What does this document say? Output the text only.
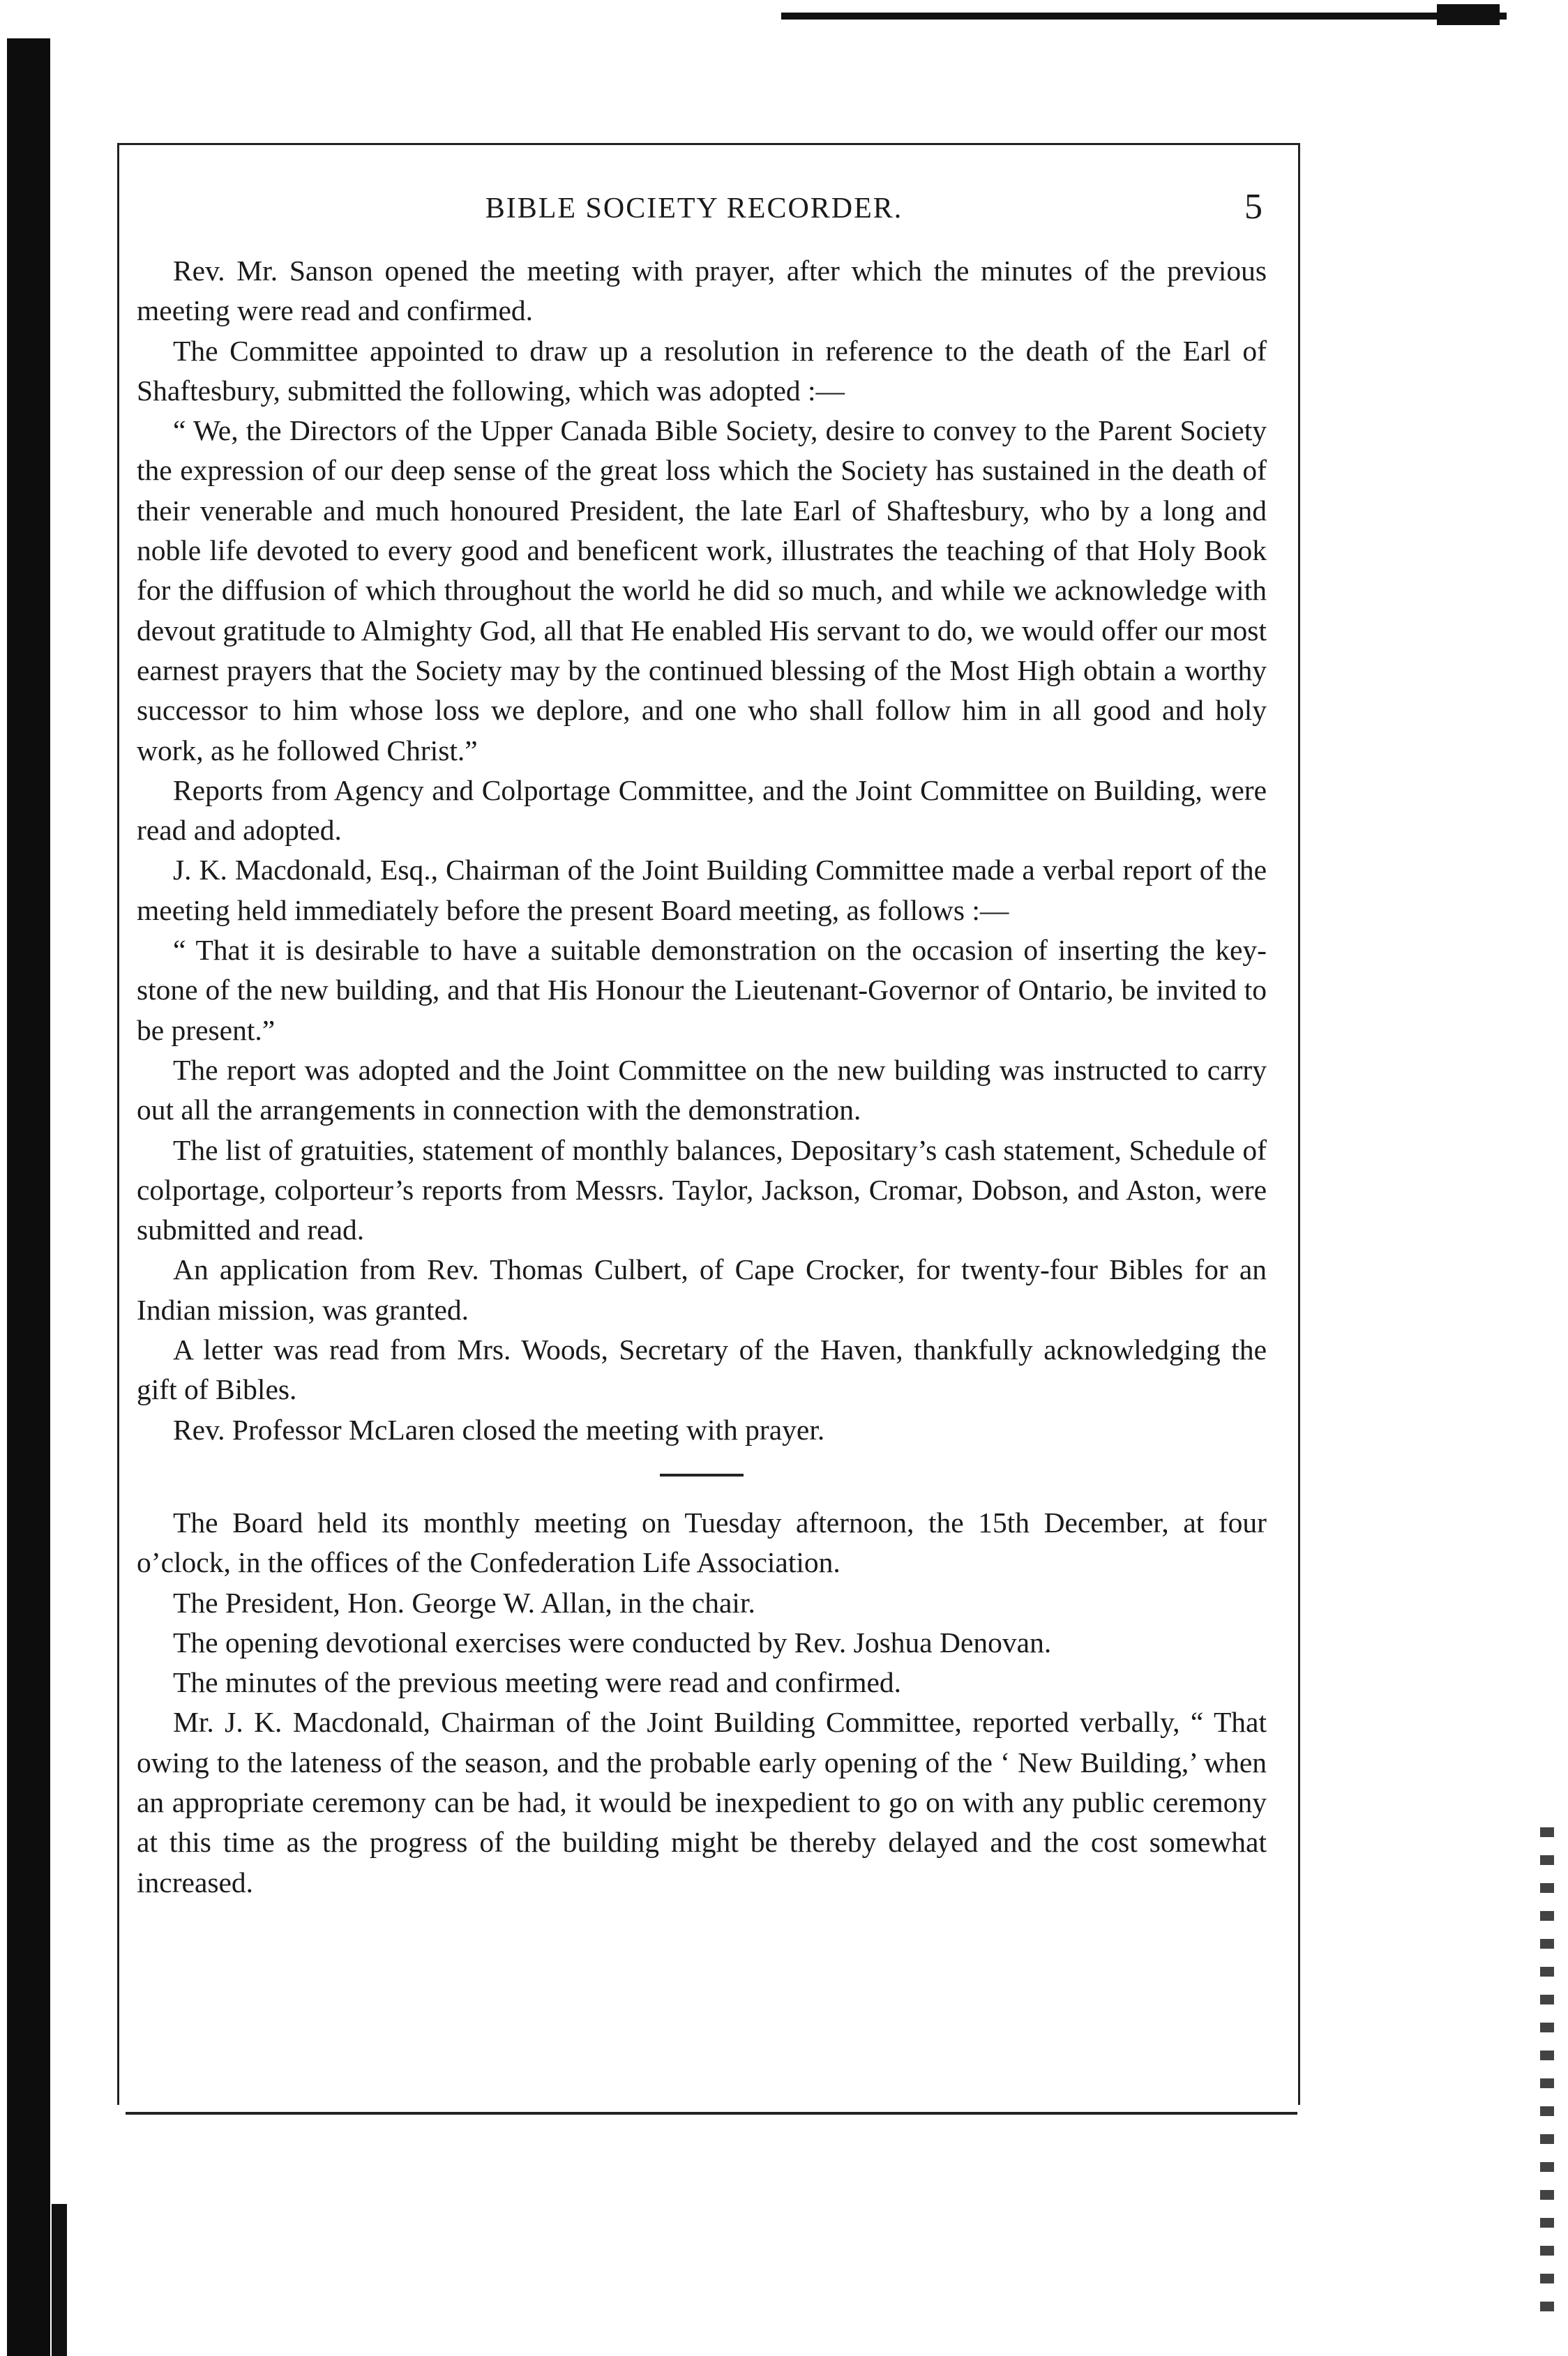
BIBLE SOCIETY RECORDER.	5

Rev. Mr. Sanson opened the meeting with prayer, after which the minutes of the previous meeting were read and confirmed.

The Committee appointed to draw up a resolution in reference to the death of the Earl of Shaftesbury, submitted the following, which was adopted :—

“ We, the Directors of the Upper Canada Bible Society, desire to convey to the Parent Society the expression of our deep sense of the great loss which the Society has sustained in the death of their venerable and much honoured President, the late Earl of Shaftesbury, who by a long and noble life devoted to every good and beneficent work, illustrates the teaching of that Holy Book for the diffusion of which throughout the world he did so much, and while we acknowledge with devout gratitude to Almighty God, all that He enabled His servant to do, we would offer our most earnest prayers that the Society may by the continued blessing of the Most High obtain a worthy successor to him whose loss we deplore, and one who shall follow him in all good and holy work, as he followed Christ.”

Reports from Agency and Colportage Committee, and the Joint Committee on Building, were read and adopted.

J. K. Macdonald, Esq., Chairman of the Joint Building Committee made a verbal report of the meeting held immediately before the present Board meeting, as follows :—

“ That it is desirable to have a suitable demonstration on the occasion of inserting the key-stone of the new building, and that His Honour the Lieutenant-Governor of Ontario, be invited to be present.”

The report was adopted and the Joint Committee on the new building was instructed to carry out all the arrangements in connection with the demonstration.

The list of gratuities, statement of monthly balances, Depositary’s cash statement, Schedule of colportage, colporteur’s reports from Messrs. Taylor, Jackson, Cromar, Dobson, and Aston, were submitted and read.

An application from Rev. Thomas Culbert, of Cape Crocker, for twenty-four Bibles for an Indian mission, was granted.

A letter was read from Mrs. Woods, Secretary of the Haven, thankfully acknowledging the gift of Bibles.

Rev. Professor McLaren closed the meeting with prayer.

The Board held its monthly meeting on Tuesday afternoon, the 15th December, at four o’clock, in the offices of the Confederation Life Association.

The President, Hon. George W. Allan, in the chair.

The opening devotional exercises were conducted by Rev. Joshua Denovan.

The minutes of the previous meeting were read and confirmed.

Mr. J. K. Macdonald, Chairman of the Joint Building Committee, reported verbally, “ That owing to the lateness of the season, and the probable early opening of the ‘ New Building,’ when an appropriate ceremony can be had, it would be inexpedient to go on with any public ceremony at this time as the progress of the building might be thereby delayed and the cost somewhat increased.
